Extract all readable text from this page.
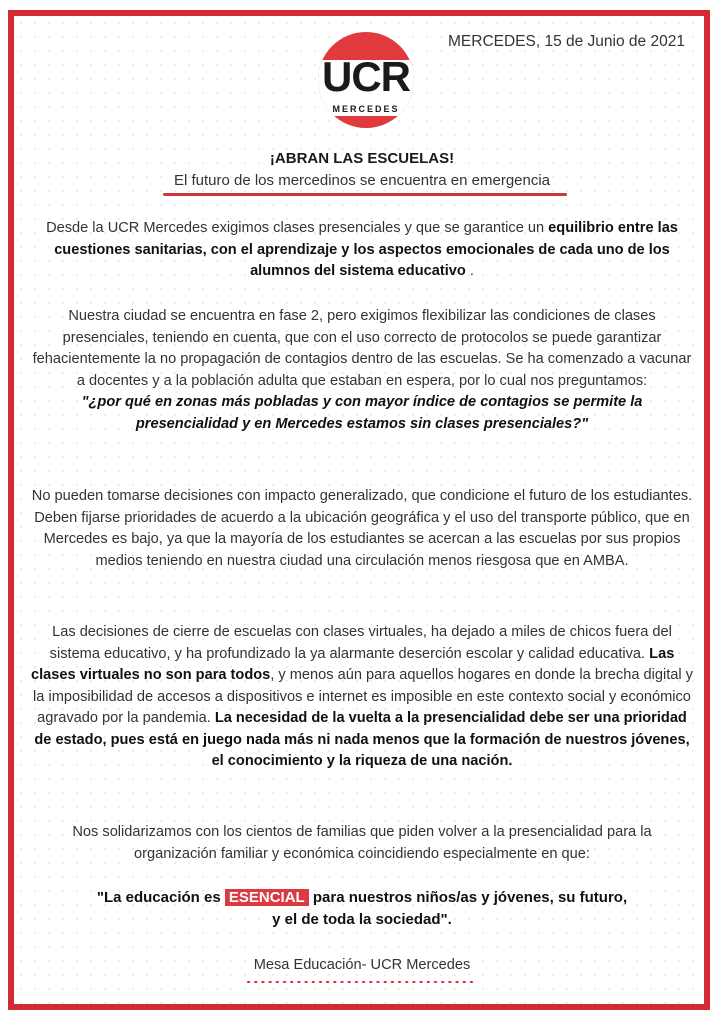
UCR
MERCEDES
MERCEDES, 15 de Junio de 2021
¡ABRAN LAS ESCUELAS!
El futuro de los mercedinos se encuentra en emergencia
Desde la UCR Mercedes exigimos clases presenciales y que se garantice un equilibrio entre las cuestiones sanitarias, con el aprendizaje y los aspectos emocionales de cada uno de los alumnos del sistema educativo .
Nuestra ciudad se encuentra en fase 2, pero exigimos flexibilizar las condiciones de clases presenciales, teniendo en cuenta, que con el uso correcto de protocolos se puede garantizar fehacientemente la no propagación de contagios dentro de las escuelas. Se ha comenzado a vacunar a docentes y a la población adulta que estaban en espera, por lo cual nos preguntamos:
"¿por qué en zonas más pobladas y con mayor índice de contagios se permite la presencialidad y en Mercedes estamos sin clases presenciales?"
No pueden tomarse decisiones con impacto generalizado, que condicione el futuro de los estudiantes. Deben fijarse prioridades de acuerdo a la ubicación geográfica y el uso del transporte público, que en Mercedes es bajo, ya que la mayoría de los estudiantes se acercan a las escuelas por sus propios medios teniendo en nuestra ciudad una circulación menos riesgosa que en AMBA.
Las decisiones de cierre de escuelas con clases virtuales, ha dejado a miles de chicos fuera del sistema educativo, y ha profundizado la ya alarmante deserción escolar y calidad educativa. Las clases virtuales no son para todos, y menos aún para aquellos hogares en donde la brecha digital y la imposibilidad de accesos a dispositivos e internet es imposible en este contexto social y económico agravado por la pandemia. La necesidad de la vuelta a la presencialidad debe ser una prioridad de estado, pues está en juego nada más ni nada menos que la formación de nuestros jóvenes, el conocimiento y la riqueza de una nación.
Nos solidarizamos con los cientos de familias que piden volver a la presencialidad para la organización familiar y económica coincidiendo especialmente en que:
"La educación es ESENCIAL para nuestros niños/as y jóvenes, su futuro,
y el de toda la sociedad".
Mesa Educación- UCR Mercedes
